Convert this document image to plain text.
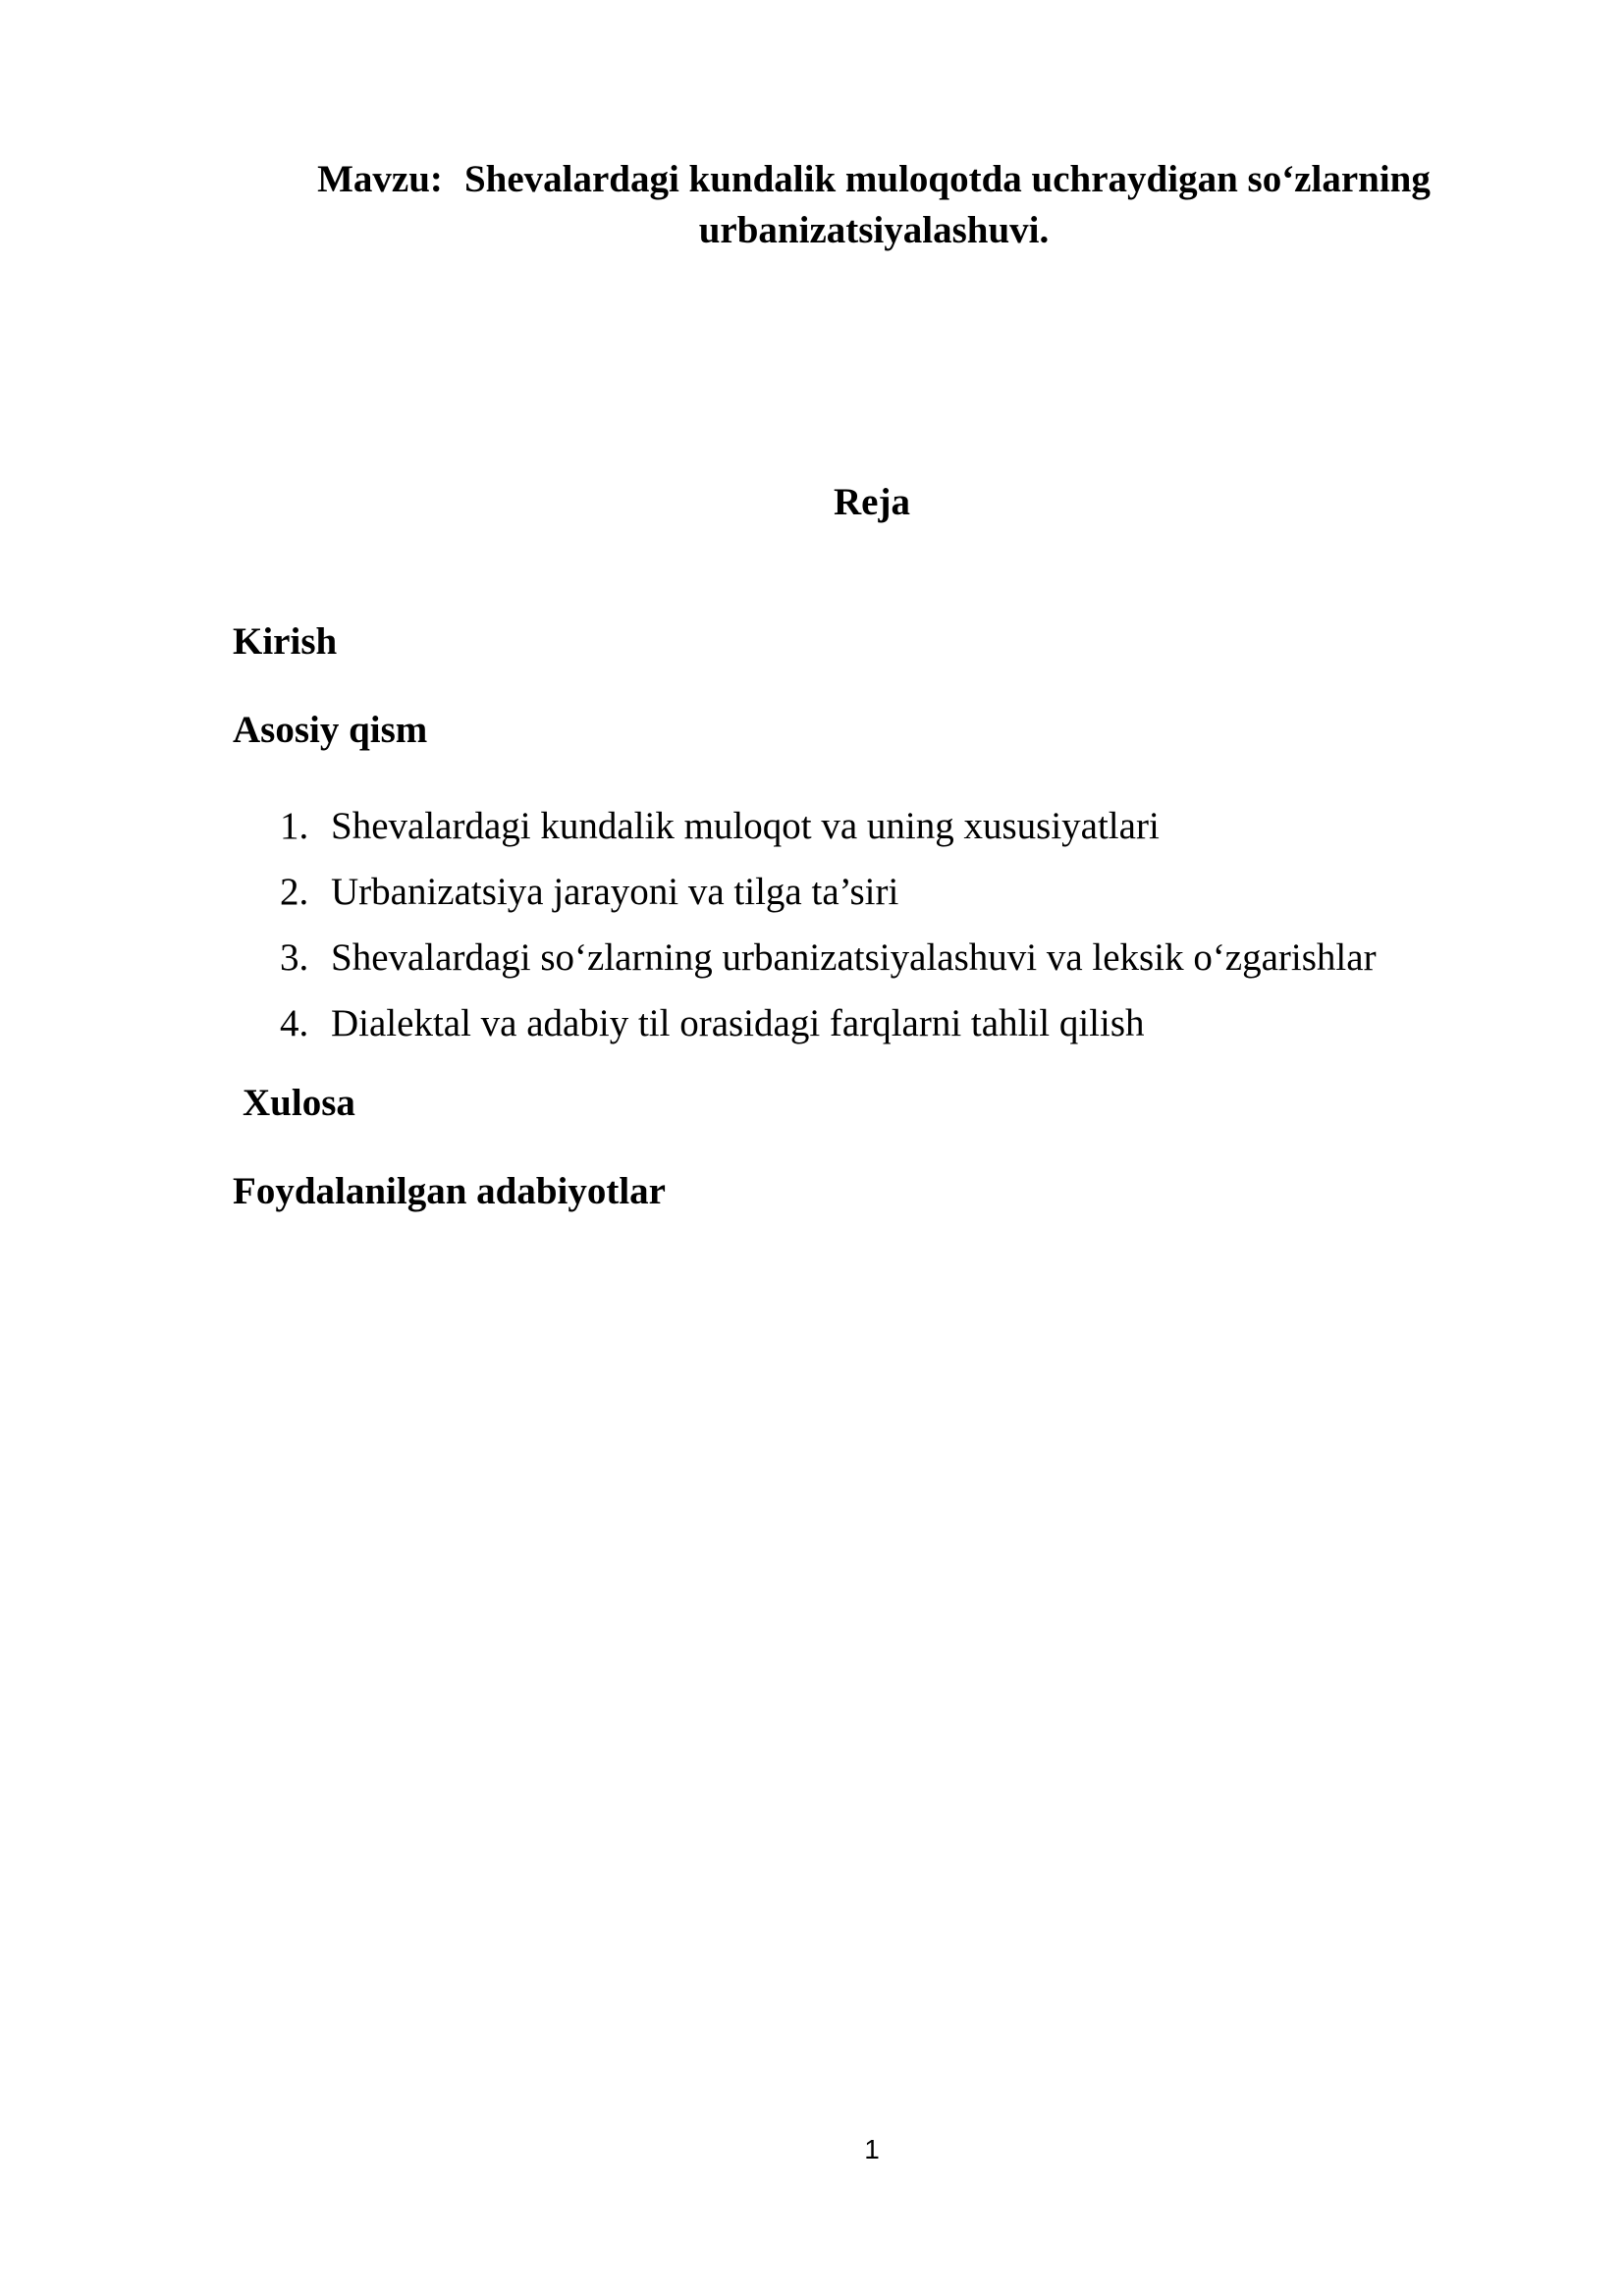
Mavzu: Shevalardagi kundalik muloqotda uchraydigan so‘zlarning
urbanizatsiyalashuvi.
Reja
Kirish
Asosiy qism
1. Shevalardagi kundalik muloqot va uning xususiyatlari
2. Urbanizatsiya jarayoni va tilga ta’siri
3. Shevalardagi so‘zlarning urbanizatsiyalashuvi va leksik o‘zgarishlar
4. Dialektal va adabiy til orasidagi farqlarni tahlil qilish
Xulosa
Foydalanilgan adabiyotlar
1
